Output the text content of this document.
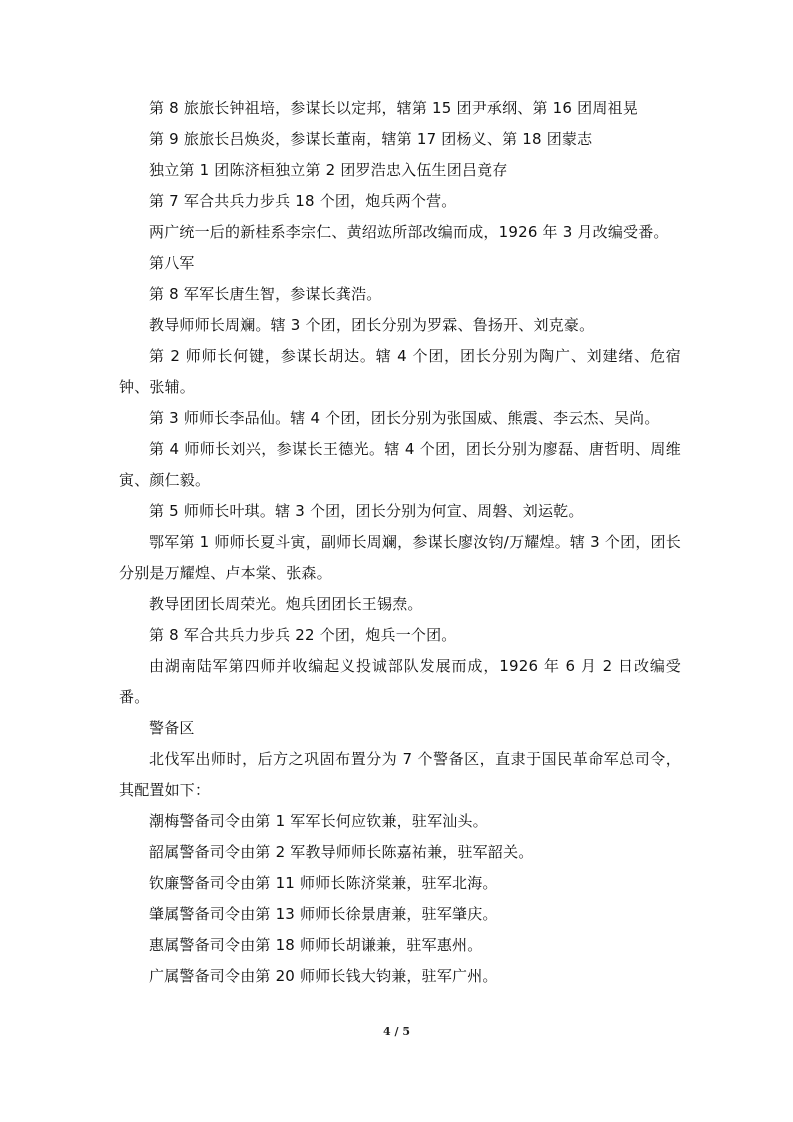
第 8 旅旅长钟祖培，参谋长以定邦，辖第 15 团尹承纲、第 16 团周祖晃

第 9 旅旅长吕焕炎，参谋长董南，辖第 17 团杨义、第 18 团蒙志

独立第 1 团陈济桓独立第 2 团罗浩忠入伍生团吕竟存

第 7 军合共兵力步兵 18 个团，炮兵两个营。

两广统一后的新桂系李宗仁、黄绍竑所部改编而成，1926 年 3 月改编受番。

第八军

第 8 军军长唐生智，参谋长龚浩。

教导师师长周斓。辖 3 个团，团长分别为罗霖、鲁扬开、刘克豪。

第 2 师师长何键，参谋长胡达。辖 4 个团，团长分别为陶广、刘建绪、危宿钟、张辅。

第 3 师师长李品仙。辖 4 个团，团长分别为张国威、熊震、李云杰、吴尚。

第 4 师师长刘兴，参谋长王德光。辖 4 个团，团长分别为廖磊、唐哲明、周维寅、颜仁毅。

第 5 师师长叶琪。辖 3 个团，团长分别为何宣、周磐、刘运乾。

鄂军第 1 师师长夏斗寅，副师长周斓，参谋长廖汝钧/万耀煌。辖 3 个团，团长分别是万耀煌、卢本棠、张森。

教导团团长周荣光。炮兵团团长王锡焘。

第 8 军合共兵力步兵 22 个团，炮兵一个团。

由湖南陆军第四师并收编起义投诚部队发展而成，1926 年 6 月 2 日改编受番。

警备区

北伐军出师时，后方之巩固布置分为 7 个警备区，直隶于国民革命军总司令，其配置如下：

潮梅警备司令由第 1 军军长何应钦兼，驻军汕头。

韶属警备司令由第 2 军教导师师长陈嘉祐兼，驻军韶关。

钦廉警备司令由第 11 师师长陈济棠兼，驻军北海。

肇属警备司令由第 13 师师长徐景唐兼，驻军肇庆。

惠属警备司令由第 18 师师长胡谦兼，驻军惠州。

广属警备司令由第 20 师师长钱大钧兼，驻军广州。

4 / 5
